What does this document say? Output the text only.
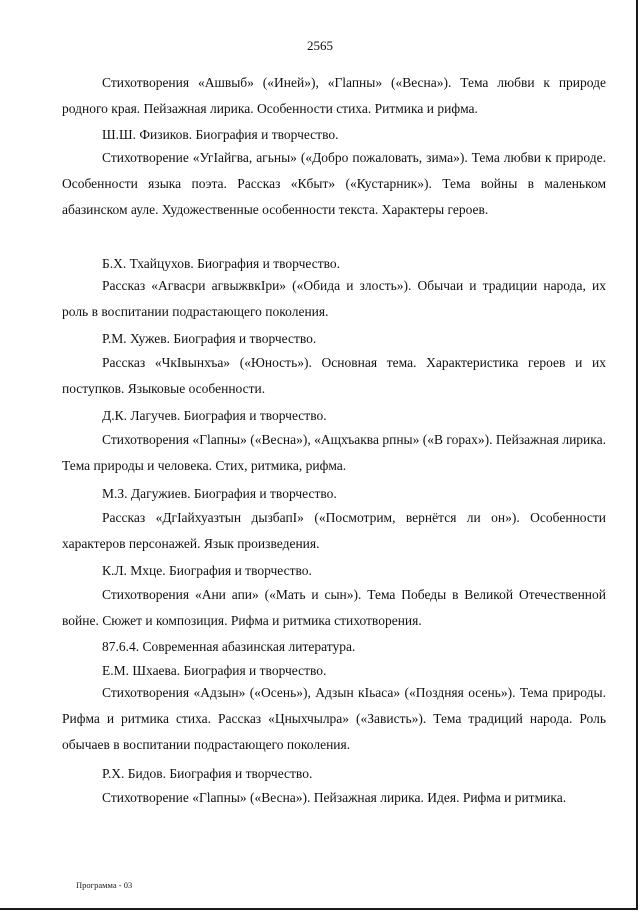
2565

Стихотворения «Ашвыб» («Иней»), «Гlапны» («Весна»). Тема любви к природе родного края. Пейзажная лирика. Особенности стиха. Ритмика и рифма.

Ш.Ш. Физиков. Биография и творчество.

Стихотворение «УгIайгва, агьны» («Добро пожаловать, зима»). Тема любви к природе. Особенности языка поэта. Рассказ «Кбыт» («Кустарник»). Тема войны в маленьком абазинском ауле. Художественные особенности текста. Характеры героев.

Б.Х. Тхайцухов. Биография и творчество.

Рассказ «Агвасри агвыжвкIри» («Обида и злость»). Обычаи и традиции народа, их роль в воспитании подрастающего поколения.

Р.М. Хужев. Биография и творчество.

Рассказ «ЧкIвынхъа» («Юность»). Основная тема. Характеристика героев и их поступков. Языковые особенности.

Д.К. Лагучев. Биография и творчество.

Стихотворения «Гlапны» («Весна»), «Ащхъаква рпны» («В горах»). Пейзажная лирика. Тема природы и человека. Стих, ритмика, рифма.

М.З. Дагужиев. Биография и творчество.

Рассказ «ДгIайхуазтын дызбапI» («Посмотрим, вернётся ли он»). Особенности характеров персонажей. Язык произведения.

К.Л. Мхце. Биография и творчество.

Стихотворения «Ани апи» («Мать и сын»). Тема Победы в Великой Отечественной войне. Сюжет и композиция. Рифма и ритмика стихотворения.

87.6.4. Современная абазинская литература.

Е.М. Шхаева. Биография и творчество.

Стихотворения «Адзын» («Осень»), Адзын кIьаса» («Поздняя осень»). Тема природы. Рифма и ритмика стиха. Рассказ «Цныхчылра» («Зависть»). Тема традиций народа. Роль обычаев в воспитании подрастающего поколения.

Р.Х. Бидов. Биография и творчество.

Стихотворение «Гlапны» («Весна»). Пейзажная лирика. Идея. Рифма и ритмика.

Программа - 03
